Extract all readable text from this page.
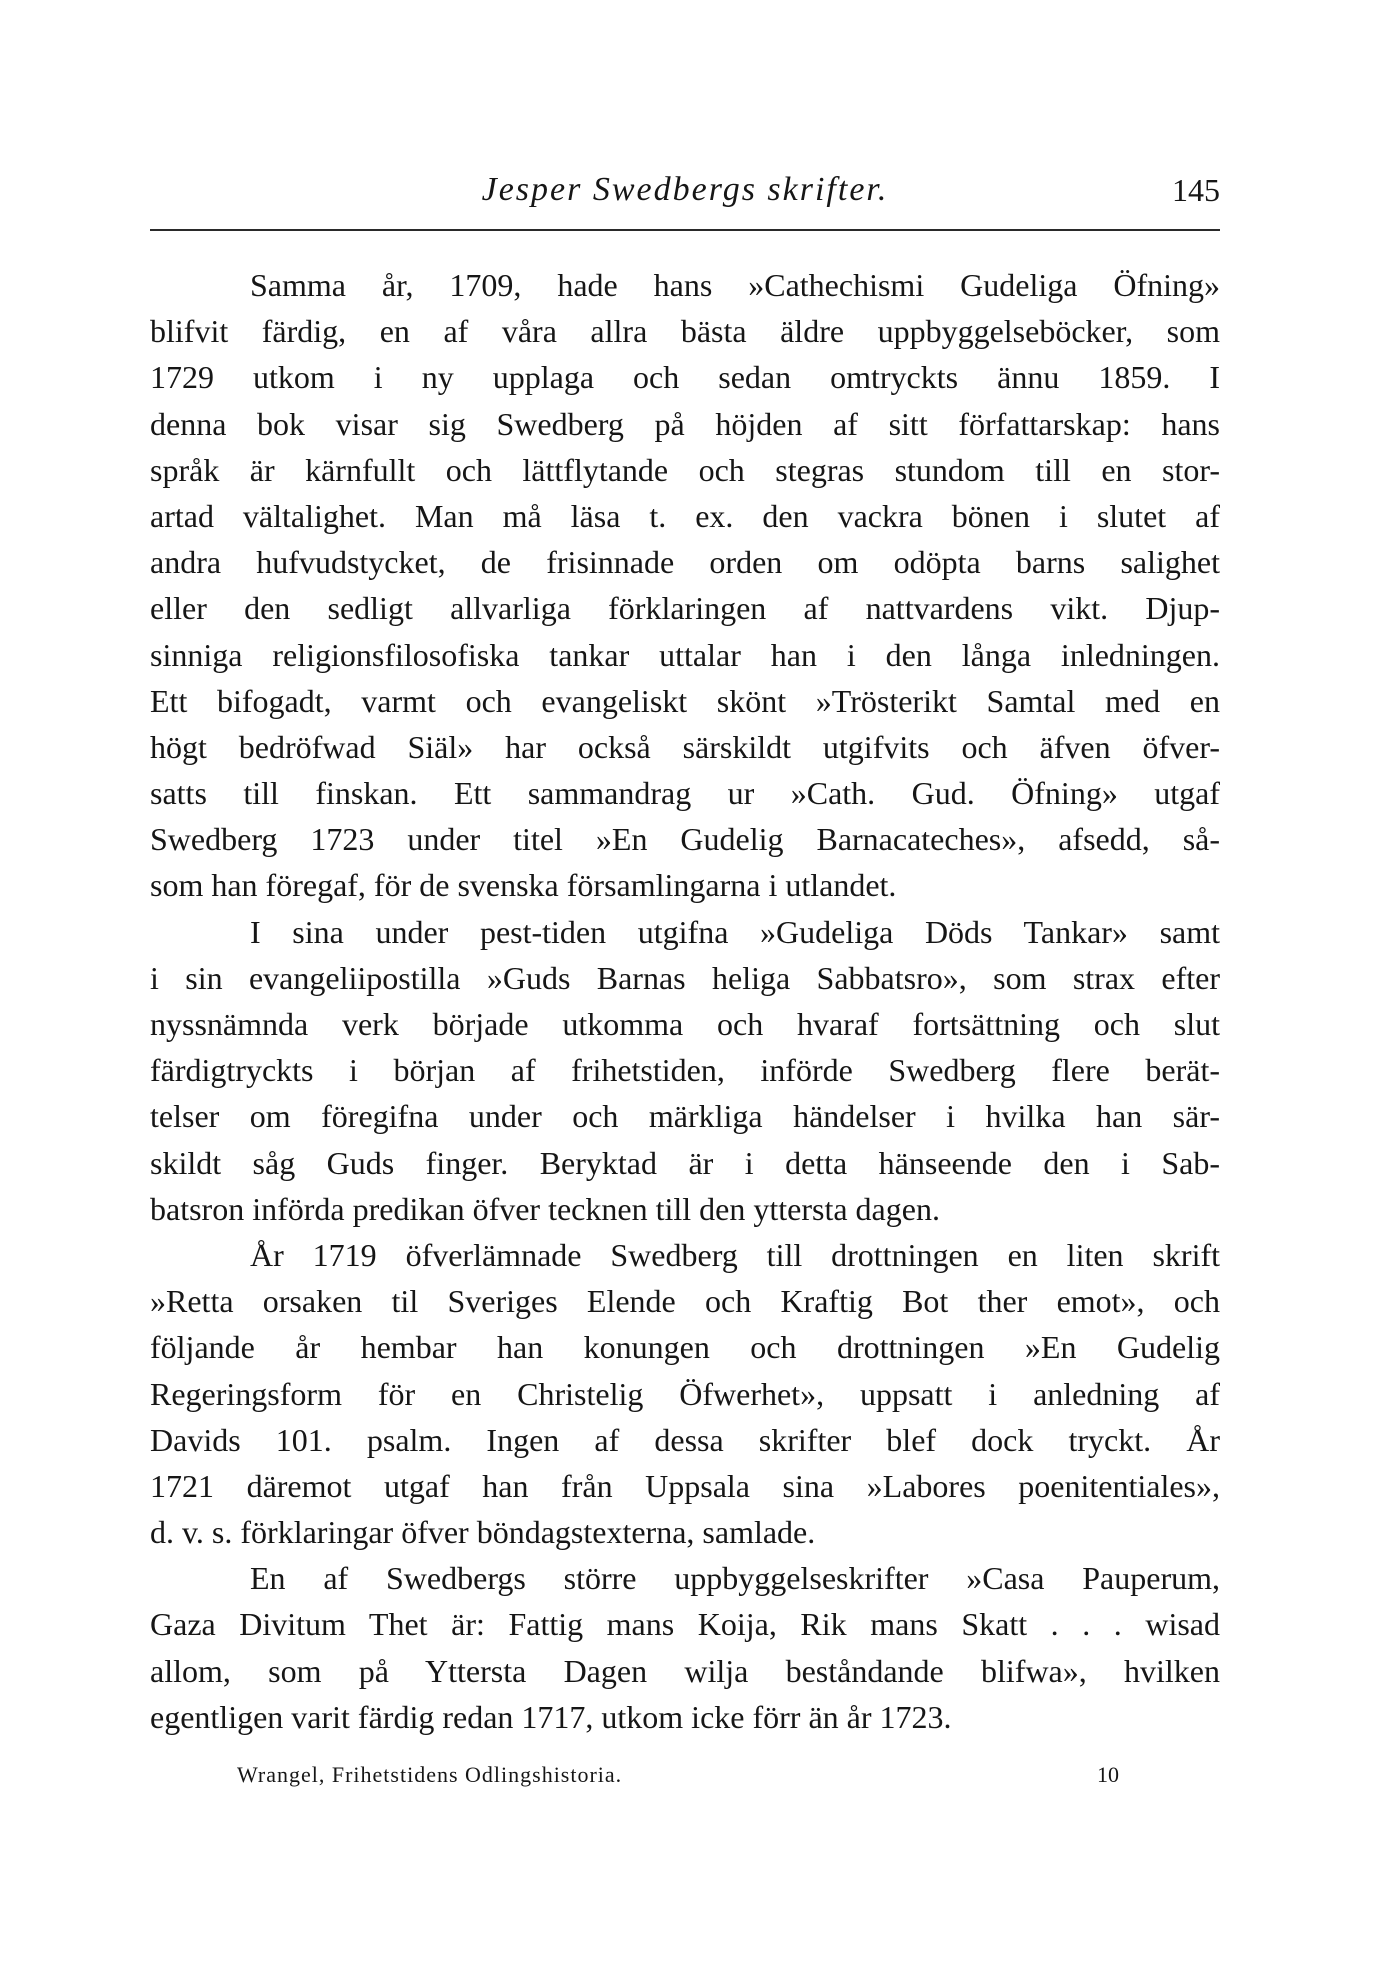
Jesper Swedbergs skrifter.	145
Samma år, 1709, hade hans »Cathechismi Gudeliga Öfning»
blifvit färdig, en af våra allra bästa äldre uppbyggelseböcker, som
1729 utkom i ny upplaga och sedan omtryckts ännu 1859. I
denna bok visar sig Swedberg på höjden af sitt författarskap: hans
språk är kärnfullt och lättflytande och stegras stundom till en stor-
artad vältalighet. Man må läsa t. ex. den vackra bönen i slutet af
andra hufvudstycket, de frisinnade orden om odöpta barns salighet
eller den sedligt allvarliga förklaringen af nattvardens vikt. Djup-
sinniga religionsfilosofiska tankar uttalar han i den långa inledningen.
Ett bifogadt, varmt och evangeliskt skönt »Trösterikt Samtal med en
högt bedröfwad Siäl» har också särskildt utgifvits och äfven öfver-
satts till finskan. Ett sammandrag ur »Cath. Gud. Öfning» utgaf
Swedberg 1723 under titel »En Gudelig Barnacateches», afsedd, så-
som han föregaf, för de svenska församlingarna i utlandet.
I sina under pest-tiden utgifna »Gudeliga Döds Tankar» samt
i sin evangeliipostilla »Guds Barnas heliga Sabbatsro», som strax efter
nyssnämnda verk började utkomma och hvaraf fortsättning och slut
färdigtryckts i början af frihetstiden, införde Swedberg flere berät-
telser om föregifna under och märkliga händelser i hvilka han sär-
skildt såg Guds finger. Beryktad är i detta hänseende den i Sab-
batsron införda predikan öfver tecknen till den yttersta dagen.
År 1719 öfverlämnade Swedberg till drottningen en liten skrift
»Retta orsaken til Sveriges Elende och Kraftig Bot ther emot», och
följande år hembar han konungen och drottningen »En Gudelig
Regeringsform för en Christelig Öfwerhet», uppsatt i anledning af
Davids 101. psalm. Ingen af dessa skrifter blef dock tryckt. År
1721 däremot utgaf han från Uppsala sina »Labores poenitentiales»,
d. v. s. förklaringar öfver böndagstexterna, samlade.
En af Swedbergs större uppbyggelseskrifter »Casa Pauperum,
Gaza Divitum Thet är: Fattig mans Koija, Rik mans Skatt . . . wisad
allom, som på Yttersta Dagen wilja beståndande blifwa», hvilken
egentligen varit färdig redan 1717, utkom icke förr än år 1723.
Wrangel, Frihetstidens Odlingshistoria.	10
